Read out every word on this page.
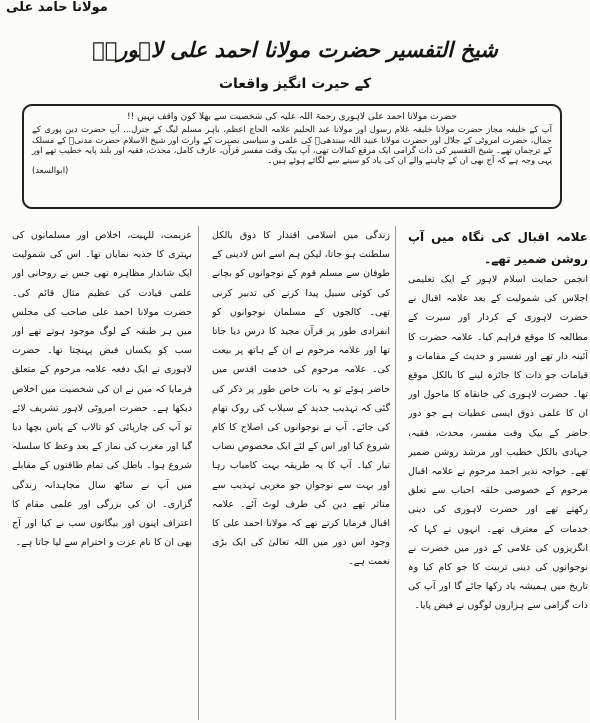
مولانا حامد علی
شیخ التفسیر حضرت مولانا احمد علی لاہوریؒ
کے حیرت انگیز واقعات
حضرت مولانا احمد علی لاہوری رحمۃ اللہ علیہ کی شخصیت سے بھلا کون واقف نہیں !!

آپ کے خلیفہ مجاز حضرت مولانا خلیفہ غلام رسول اور مولانا عبد الحلیم علامہ الحاج اعظم، باہر مسلم لیگ کے جنرل... آپ حضرت دین پوری کے جمال، حضرت امروٹی کے جلال اور حضرت مولانا عبید اللہ سندھیؒ کی علمی و سیاسی بصیرت کے وارث اور شیخ الاسلام حضرت مدنیؒ کے مسلک کے ترجمان تھے۔ شیخ التفسیر کی ذات گرامی ایک مرقع کمالات تھی، آپ بیک وقت مفسر قرآن، عارف کامل، محدث، فقیہ اور بلند پایہ خطیب تھے اور یہی وجہ ہے کہ آج بھی ان کے چاہنے والے ان کی یاد کو سینے سے لگائے ہوئے ہیں۔

(ابوالسعد)
علامہ اقبال کی نگاہ میں آپ روشن ضمیر تھے۔

انجمن حمایت اسلام لاہور کے ایک تعلیمی اجلاس کی شمولیت کے بعد علامہ اقبال نے حضرت لاہوری کے کردار اور سیرت کے مطالعہ کا موقع فراہم کیا۔ علامہ حضرت کا آئینہ دار تھے اور تفسیر و حدیث کے مقامات و قیامات جو ذات کا جائزہ لینے کا بالکل موقع تھا۔ حضرت لاہوری کی خانقاہ کا ماحول اور ان کا علمی ذوق ایسی عطیات ہے جو دور حاضر کے بیک وقت مفسر، محدث، فقیہ، جہادی بالکل خطیب اور مرشد روشن ضمیر تھے۔ خواجہ نذیر احمد مرحوم نے علامہ اقبال مرحوم کے خصوصی حلقہ احباب سے تعلق رکھتے تھے اور حضرت لاہوری کی دینی خدمات کے معترف تھے۔ انہوں نے کہا کہ انگریزوں کی غلامی کے دور میں حضرت نے نوجوانوں کی دینی تربیت کا جو کام کیا وہ تاریخ میں ہمیشہ یاد رکھا جائے گا اور آپ کی ذات گرامی سے ہزاروں لوگوں نے فیض پایا۔

زندگی میں اسلامی اقتدار کا ذوق بالکل سلطنت ہو جاتا، لیکن ہم اسے اس لادینی کے طوفان سے مسلم قوم کے نوجوانوں کو بچانے کی کوئی سبیل پیدا کرنے کی تدبیر کرنی تھی۔ کالجوں کے مسلمان نوجوانوں کو انفرادی طور پر قرآن مجید کا درس دیا جاتا تھا اور علامہ مرحوم نے ان کے ہاتھ پر بیعت کی۔ علامہ مرحوم کی خدمت اقدس میں حاضر ہوئے تو یہ بات خاص طور پر ذکر کی گئی کہ تہذیب جدید کے سیلاب کی روک تھام کی جائے۔ آپ نے نوجوانوں کی اصلاح کا کام شروع کیا اور اس کے لئے ایک مخصوص نصاب تیار کیا۔ آپ کا یہ طریقہ بہت کامیاب رہا اور بہت سے نوجوان جو مغربی تہذیب سے متاثر تھے دین کی طرف لوٹ آئے۔ علامہ اقبال فرمایا کرتے تھے کہ مولانا احمد علی کا وجود اس دور میں اللہ تعالیٰ کی ایک بڑی نعمت ہے۔

عزیمت، للہیت، اخلاص اور مسلمانوں کی بہتری کا جذبہ نمایاں تھا۔ اس کی شمولیت ایک شاندار مظاہرہ تھی جس نے روحانی اور علمی قیادت کی عظیم مثال قائم کی۔ حضرت مولانا احمد علی صاحب کی مجلس میں ہر طبقہ کے لوگ موجود ہوتے تھے اور سب کو یکساں فیض پہنچتا تھا۔ حضرت لاہوری نے ایک دفعہ علامہ مرحوم کے متعلق فرمایا کہ میں نے ان کی شخصیت میں اخلاص دیکھا ہے۔ حضرت امروٹی لاہور تشریف لائے تو آپ کی چارپائی کو تالاب کے پاس بچھا دیا گیا اور مغرب کی نماز کے بعد وعظ کا سلسلہ شروع ہوا۔ باطل کی تمام طاقتوں کے مقابلے میں آپ نے ساٹھ سال مجاہدانہ زندگی گزاری۔ ان کی بزرگی اور علمی مقام کا اعتراف اپنوں اور بیگانوں سب نے کیا اور آج بھی ان کا نام عزت و احترام سے لیا جاتا ہے۔
